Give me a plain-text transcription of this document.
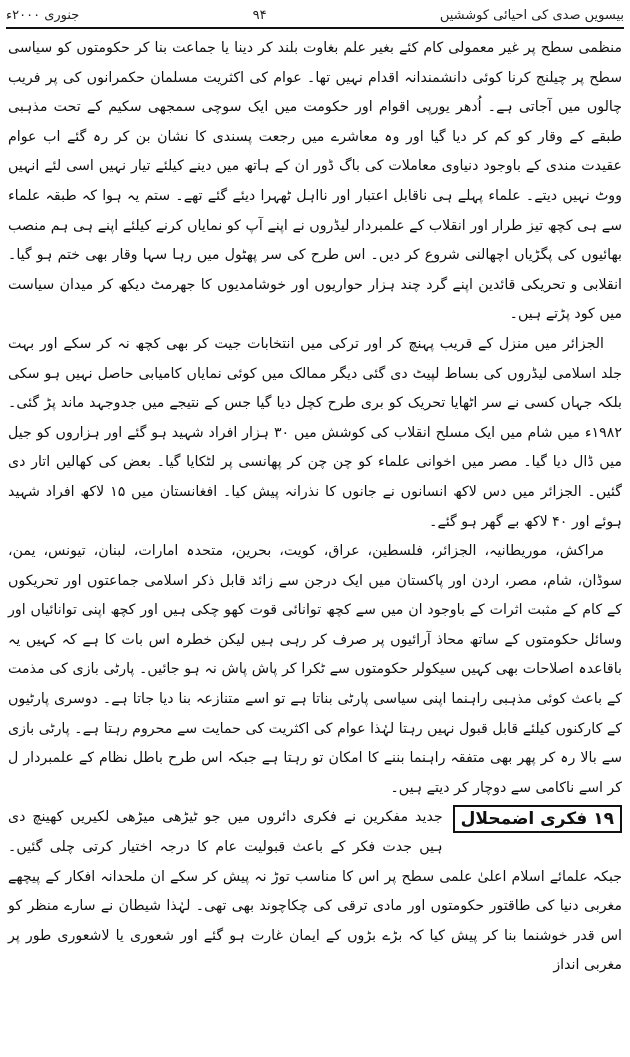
بیسویں صدی کی احیائی کوششیں
۹۴
جنوری ۲۰۰۰ء

منظمی سطح پر غیر معمولی کام کئے بغیر علم بغاوت بلند کر دینا یا جماعت بنا کر حکومتوں کو سیاسی سطح پر چیلنج کرنا کوئی دانشمندانہ اقدام نہیں تھا۔ عوام کی اکثریت مسلمان حکمرانوں کی پر فریب چالوں میں آجاتی ہے۔ اُدھر یورپی اقوام اور حکومت میں ایک سوچی سمجھی سکیم کے تحت مذہبی طبقے کے وقار کو کم کر دیا گیا اور وہ معاشرے میں رجعت پسندی کا نشان بن کر رہ گئے اب عوام عقیدت مندی کے باوجود دنیاوی معاملات کی باگ ڈور ان کے ہاتھ میں دینے کیلئے تیار نہیں اسی لئے انہیں ووٹ نہیں دیتے۔ علماء پہلے ہی ناقابل اعتبار اور نااہل ٹھہرا دیئے گئے تھے۔ ستم یہ ہوا کہ طبقہ علماء سے ہی کچھ تیز طرار اور انقلاب کے علمبردار لیڈروں نے اپنے آپ کو نمایاں کرنے کیلئے اپنے ہی ہم منصب بھائیوں کی پگڑیاں اچھالنی شروع کر دیں۔ اس طرح کی سر پھٹول میں رہا سہا وقار بھی ختم ہو گیا۔ انقلابی و تحریکی قائدین اپنے گرد چند ہزار حواریوں اور خوشامدیوں کا جھرمٹ دیکھ کر میدان سیاست میں کود پڑتے ہیں۔

الجزائر میں منزل کے قریب پہنچ کر اور ترکی میں انتخابات جیت کر بھی کچھ نہ کر سکے اور بہت جلد اسلامی لیڈروں کی بساط لپیٹ دی گئی دیگر ممالک میں کوئی نمایاں کامیابی حاصل نہیں ہو سکی بلکہ جہاں کسی نے سر اٹھایا تحریک کو بری طرح کچل دیا گیا جس کے نتیجے میں جدوجہد ماند پڑ گئی۔ ۱۹۸۲ء میں شام میں ایک مسلح انقلاب کی کوشش میں ۳۰ ہزار افراد شہید ہو گئے اور ہزاروں کو جیل میں ڈال دیا گیا۔ مصر میں اخوانی علماء کو چن چن کر پھانسی پر لٹکایا گیا۔ بعض کی کھالیں اتار دی گئیں۔ الجزائر میں دس لاکھ انسانوں نے جانوں کا نذرانہ پیش کیا۔ افغانستان میں ۱۵ لاکھ افراد شہید ہوئے اور ۴۰ لاکھ بے گھر ہو گئے۔

مراکش، موریطانیہ، الجزائر، فلسطین، عراق، کویت، بحرین، متحدہ امارات، لبنان، تیونس، یمن، سوڈان، شام، مصر، اردن اور پاکستان میں ایک درجن سے زائد قابل ذکر اسلامی جماعتوں اور تحریکوں کے کام کے مثبت اثرات کے باوجود ان میں سے کچھ توانائی قوت کھو چکی ہیں اور کچھ اپنی توانائیاں اور وسائل حکومتوں کے ساتھ محاذ آرائیوں پر صرف کر رہی ہیں لیکن خطرہ اس بات کا ہے کہ کہیں یہ باقاعدہ اصلاحات بھی کہیں سیکولر حکومتوں سے ٹکرا کر پاش پاش نہ ہو جائیں۔ پارٹی بازی کی مذمت کے باعث کوئی مذہبی راہنما اپنی سیاسی پارٹی بناتا ہے تو اسے متنازعہ بنا دیا جاتا ہے۔ دوسری پارٹیوں کے کارکنوں کیلئے قابل قبول نہیں رہتا لہٰذا عوام کی اکثریت کی حمایت سے محروم رہتا ہے۔ پارٹی بازی سے بالا رہ کر پھر بھی متفقہ راہنما بننے کا امکان تو رہتا ہے جبکہ اس طرح باطل نظام کے علمبردار ل کر اسے ناکامی سے دوچار کر دیتے ہیں۔

۱۹ فکری اضمحلال
جدید مفکرین نے فکری دائروں میں جو ٹیڑھی میڑھی لکیریں کھینچ دی ہیں جدت فکر کے باعث قبولیت عام کا درجہ اختیار کرتی چلی گئیں۔ جبکہ علمائے اسلام اعلیٰ علمی سطح پر اس کا مناسب توڑ نہ پیش کر سکے ان ملحدانہ افکار کے پیچھے مغربی دنیا کی طاقتور حکومتوں اور مادی ترقی کی چکاچوند بھی تھی۔ لہٰذا شیطان نے سارے منظر کو اس قدر خوشنما بنا کر پیش کیا کہ بڑے بڑوں کے ایمان غارت ہو گئے اور شعوری یا لاشعوری طور پر مغربی انداز
